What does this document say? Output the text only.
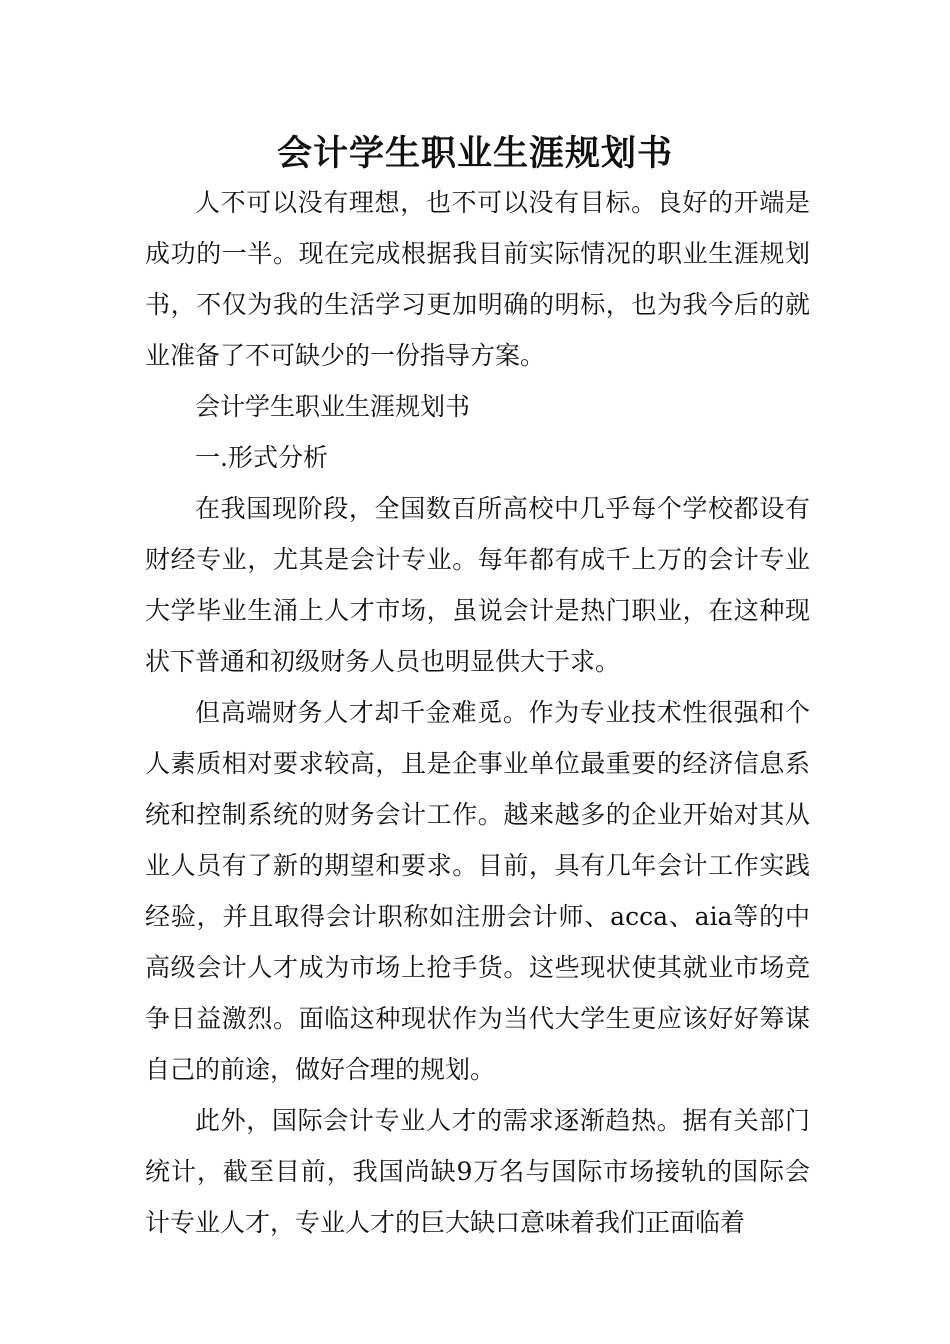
会计学生职业生涯规划书

人不可以没有理想，也不可以没有目标。良好的开端是成功的一半。现在完成根据我目前实际情况的职业生涯规划书，不仅为我的生活学习更加明确的明标，也为我今后的就业准备了不可缺少的一份指导方案。

会计学生职业生涯规划书

一.形式分析

在我国现阶段，全国数百所高校中几乎每个学校都设有财经专业，尤其是会计专业。每年都有成千上万的会计专业大学毕业生涌上人才市场，虽说会计是热门职业，在这种现状下普通和初级财务人员也明显供大于求。

但高端财务人才却千金难觅。作为专业技术性很强和个人素质相对要求较高，且是企事业单位最重要的经济信息系统和控制系统的财务会计工作。越来越多的企业开始对其从业人员有了新的期望和要求。目前，具有几年会计工作实践经验，并且取得会计职称如注册会计师、acca、aia等的中高级会计人才成为市场上抢手货。这些现状使其就业市场竞争日益激烈。面临这种现状作为当代大学生更应该好好筹谋自己的前途，做好合理的规划。

此外，国际会计专业人才的需求逐渐趋热。据有关部门统计，截至目前，我国尚缺9万名与国际市场接轨的国际会计专业人才，专业人才的巨大缺口意味着我们正面临着
